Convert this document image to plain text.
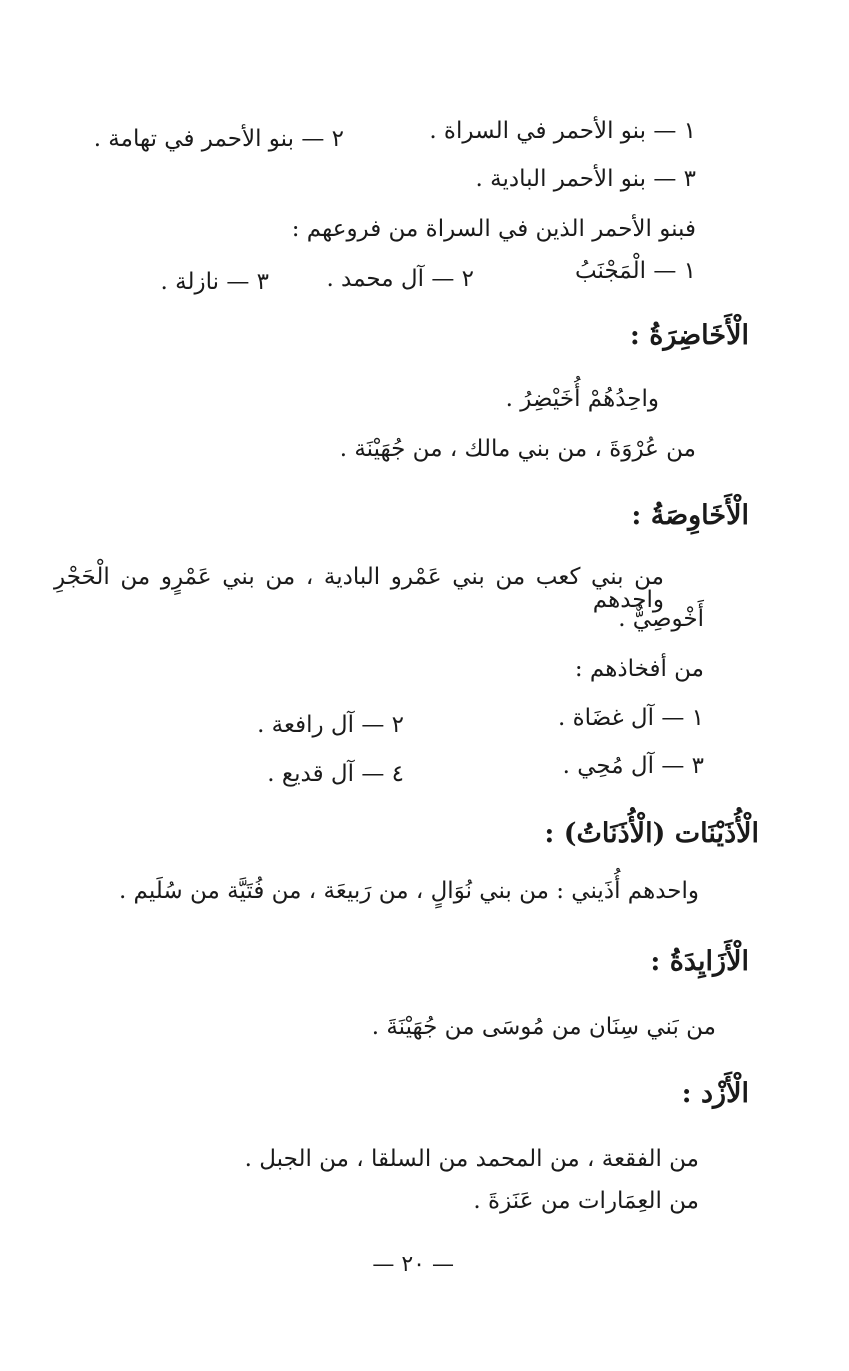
١ — بنو الأحمر في السراة .
٢ — بنو الأحمر في تهامة .
٣ — بنو الأحمر البادية .
فبنو الأحمر الذين في السراة من فروعهم :
١ — الْمَجْنَبُ
٢ — آل محمد .
٣ — نازلة .
الْأَخَاضِرَةُ :
واحِدُهُمْ أُخَيْضِرُ .
من عُرْوَةَ ، من بني مالك ، من جُهَيْنَة .
الْأَخَاوِصَةُ :
من بني كعب من بني عَمْرو البادية ، من بني عَمْرٍو من الْحَجْرِ واحدهم
أَخْوصِيٌّ .
من أفخاذهم :
١ — آل غضَاة .
٢ — آل رافعة .
٣ — آل مُحِي .
٤ — آل قديع .
الْأُذَيْنَات (الْأُذَنَاتُ) :
واحدهم أُذَيني : من بني نُوَالٍ ، من رَبيعَة ، من فُتَيَّة من سُلَيم .
الْأَزَايِدَةُ :
من بَني سِنَان من مُوسَى من جُهَيْنَةَ .
الْأَزْد :
من الفقعة ، من المحمد من السلقا ، من الجبل .
من العِمَارات من عَنَزةَ .
— ٢٠ —
